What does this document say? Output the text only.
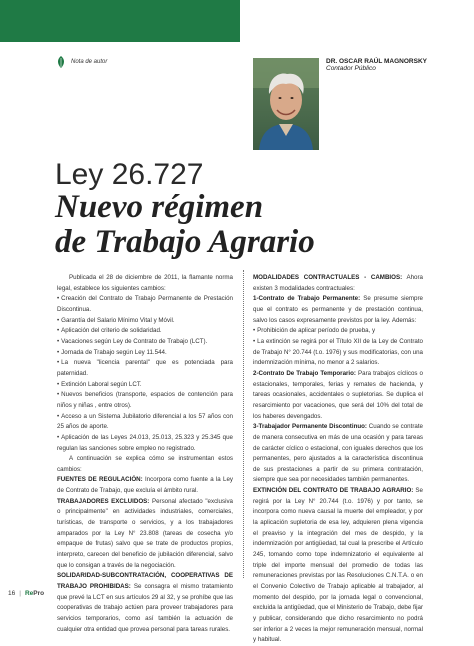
Nota de autor	DR. OSCAR RAÚL MAGNORSKY
Contador Público
Ley 26.727
Nuevo régimen
de Trabajo Agrario

Publicada el 28 de diciembre de 2011, la flamante norma legal, establece los siguientes cambios:

• Creación del Contrato de Trabajo Permanente de Prestación Discontinua.
• Garantía del Salario Mínimo Vital y Móvil.
• Aplicación del criterio de solidaridad.
• Vacaciones según Ley de Contrato de Trabajo (LCT).
• Jornada de Trabajo según Ley 11.544.
• La nueva "licencia parental" que es potenciada para paternidad.
• Extinción Laboral según LCT.
• Nuevos beneficios (transporte, espacios de contención para niños y niñas , entre otros).
• Acceso a un Sistema Jubilatorio diferencial a los 57 años con 25 años de aporte.
• Aplicación de las Leyes 24.013, 25.013, 25.323 y 25.345 que regulan las sanciones sobre empleo no registrado.

A continuación se explica cómo se instrumentan estos cambios:

FUENTES DE REGULACIÓN: Incorpora como fuente a la Ley de Contrato de Trabajo, que excluía el ámbito rural.

TRABAJADORES EXCLUIDOS: Personal afectado "exclusiva o principalmente" en actividades industriales, comerciales, turísticas, de transporte o servicios, y a los trabajadores amparados por la Ley N° 23.808 (tareas de cosecha y/o empaque de frutas) salvo que se trate de productos propios, interpreto, carecen del beneficio de jubilación diferencial, salvo que lo consigan a través de la negociación.

SOLIDARIDAD-SUBCONTRATACIÓN, COOPERATIVAS DE TRABAJO PROHIBIDAS: Se consagra el mismo tratamiento que prevé la LCT en sus artículos 29 al 32, y se prohíbe que las cooperativas de trabajo actúen para proveer trabajadores para servicios temporarios, como así también la actuación de cualquier otra entidad que provea personal para tareas rurales.

MODALIDADES CONTRACTUALES - CAMBIOS: Ahora existen 3 modalidades contractuales:

1-Contrato de Trabajo Permanente: Se presume siempre que el contrato es permanente y de prestación continua, salvo los casos expresamente previstos por la ley. Además:

• Prohibición de aplicar período de prueba, y
• La extinción se regirá por el Título XII de la Ley de Contrato de Trabajo N° 20.744 (t.o. 1976) y sus modificatorias, con una indemnización mínima, no menor a 2 salarios.

2-Contrato De Trabajo Temporario: Para trabajos cíclicos o estacionales, temporales, ferias y remates de hacienda, y tareas ocasionales, accidentales o supletorias. Se duplica el resarcimiento por vacaciones, que será del 10% del total de los haberes devengados.

3-Trabajador Permanente Discontinuo: Cuando se contrate de manera consecutiva en más de una ocasión y para tareas de carácter cíclico o estacional, con iguales derechos que los permanentes, pero ajustados a la característica discontinua de sus prestaciones a partir de su primera contratación, siempre que sea por necesidades también permanentes.

EXTINCIÓN DEL CONTRATO DE TRABAJO AGRARIO: Se regirá por la Ley N° 20.744 (t.o. 1976) y por tanto, se incorpora como nueva causal la muerte del empleador, y por la aplicación supletoria de esa ley, adquieren plena vigencia el preaviso y la integración del mes de despido, y la indemnización por antigüedad, tal cual la prescribe el Artículo 245, tomando como tope indemnizatorio el equivalente al triple del importe mensual del promedio de todas las remuneraciones previstas por las Resoluciones C.N.T.A. o en el Convenio Colectivo de Trabajo aplicable al trabajador, al momento del despido, por la jornada legal o convencional, excluida la antigüedad, que el Ministerio de Trabajo, debe fijar y publicar, considerando que dicho resarcimiento no podrá ser inferior a 2 veces la mejor remuneración mensual, normal y habitual.

16 | RePro
